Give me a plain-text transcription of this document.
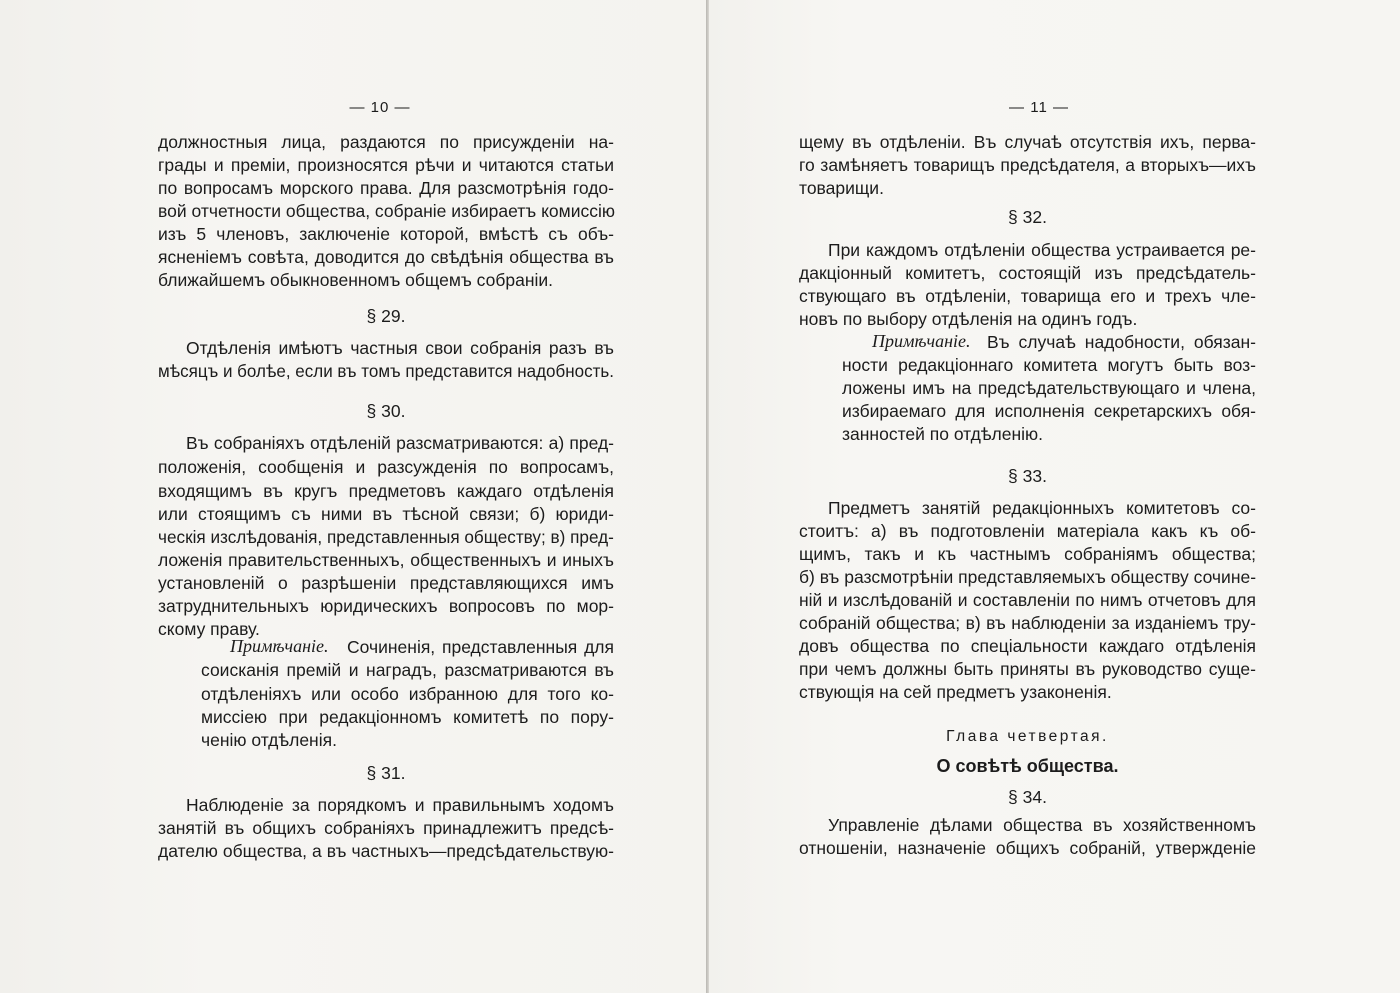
— 10 —
должностныя лица, раздаются по присужденіи на-
грады и преміи, произносятся рѣчи и читаются статьи
по вопросамъ морского права. Для разсмотрѣнія годо-
вой отчетности общества, собраніе избираетъ комиссію
изъ 5 членовъ, заключеніе которой, вмѣстѣ съ объ-
ясненіемъ совѣта, доводится до свѣдѣнія общества въ
ближайшемъ обыкновенномъ общемъ собраніи.
§ 29.
Отдѣленія имѣютъ частныя свои собранія разъ въ
мѣсяцъ и болѣе, если въ томъ представится надобность.
§ 30.
Въ собраніяхъ отдѣленій разсматриваются: а) пред-
положенія, сообщенія и разсужденія по вопросамъ,
входящимъ въ кругъ предметовъ каждаго отдѣленія
или стоящимъ съ ними въ тѣсной связи; б) юриди-
ческія изслѣдованія, представленныя обществу; в) пред-
ложенія правительственныхъ, общественныхъ и иныхъ
установленій о разрѣшеніи представляющихся имъ
затруднительныхъ юридическихъ вопросовъ по мор-
скому праву.
Примѣчаніе.	Сочиненія, представленныя для
соисканія премій и наградъ, разсматриваются въ
отдѣленіяхъ или особо избранною для того ко-
миссіею при редакціонномъ комитетѣ по пору-
ченію отдѣленія.
§ 31.
Наблюденіе за порядкомъ и правильнымъ ходомъ
занятій въ общихъ собраніяхъ принадлежитъ предсѣ-
дателю общества, а въ частныхъ—предсѣдательствую-
— 11 —
щему въ отдѣленіи. Въ случаѣ отсутствія ихъ, перва-
го замѣняетъ товарищъ предсѣдателя, а вторыхъ—ихъ
товарищи.
§ 32.
При каждомъ отдѣленіи общества устраивается ре-
дакціонный комитетъ, состоящій изъ предсѣдатель-
ствующаго въ отдѣленіи, товарища его и трехъ чле-
новъ по выбору отдѣленія на одинъ годъ.
Примѣчаніе. Въ случаѣ надобности, обязан-
ности редакціоннаго комитета могутъ быть воз-
ложены имъ на предсѣдательствующаго и члена,
избираемаго для исполненія секретарскихъ обя-
занностей по отдѣленію.
§ 33.
Предметъ занятій редакціонныхъ комитетовъ со-
стоитъ: а) въ подготовленіи матеріала какъ къ об-
щимъ, такъ и къ частнымъ собраніямъ общества;
б) въ разсмотрѣніи представляемыхъ обществу сочине-
ній и изслѣдованій и составленіи по нимъ отчетовъ для
собраній общества; в) въ наблюденіи за изданіемъ тру-
довъ общества по спеціальности каждаго отдѣленія
при чемъ должны быть приняты въ руководство суще-
ствующія на сей предметъ узаконенія.
Глава четвертая.
О совѣтѣ общества.
§ 34.
Управленіе дѣлами общества въ хозяйственномъ
отношеніи, назначеніе общихъ собраній, утвержденіе
